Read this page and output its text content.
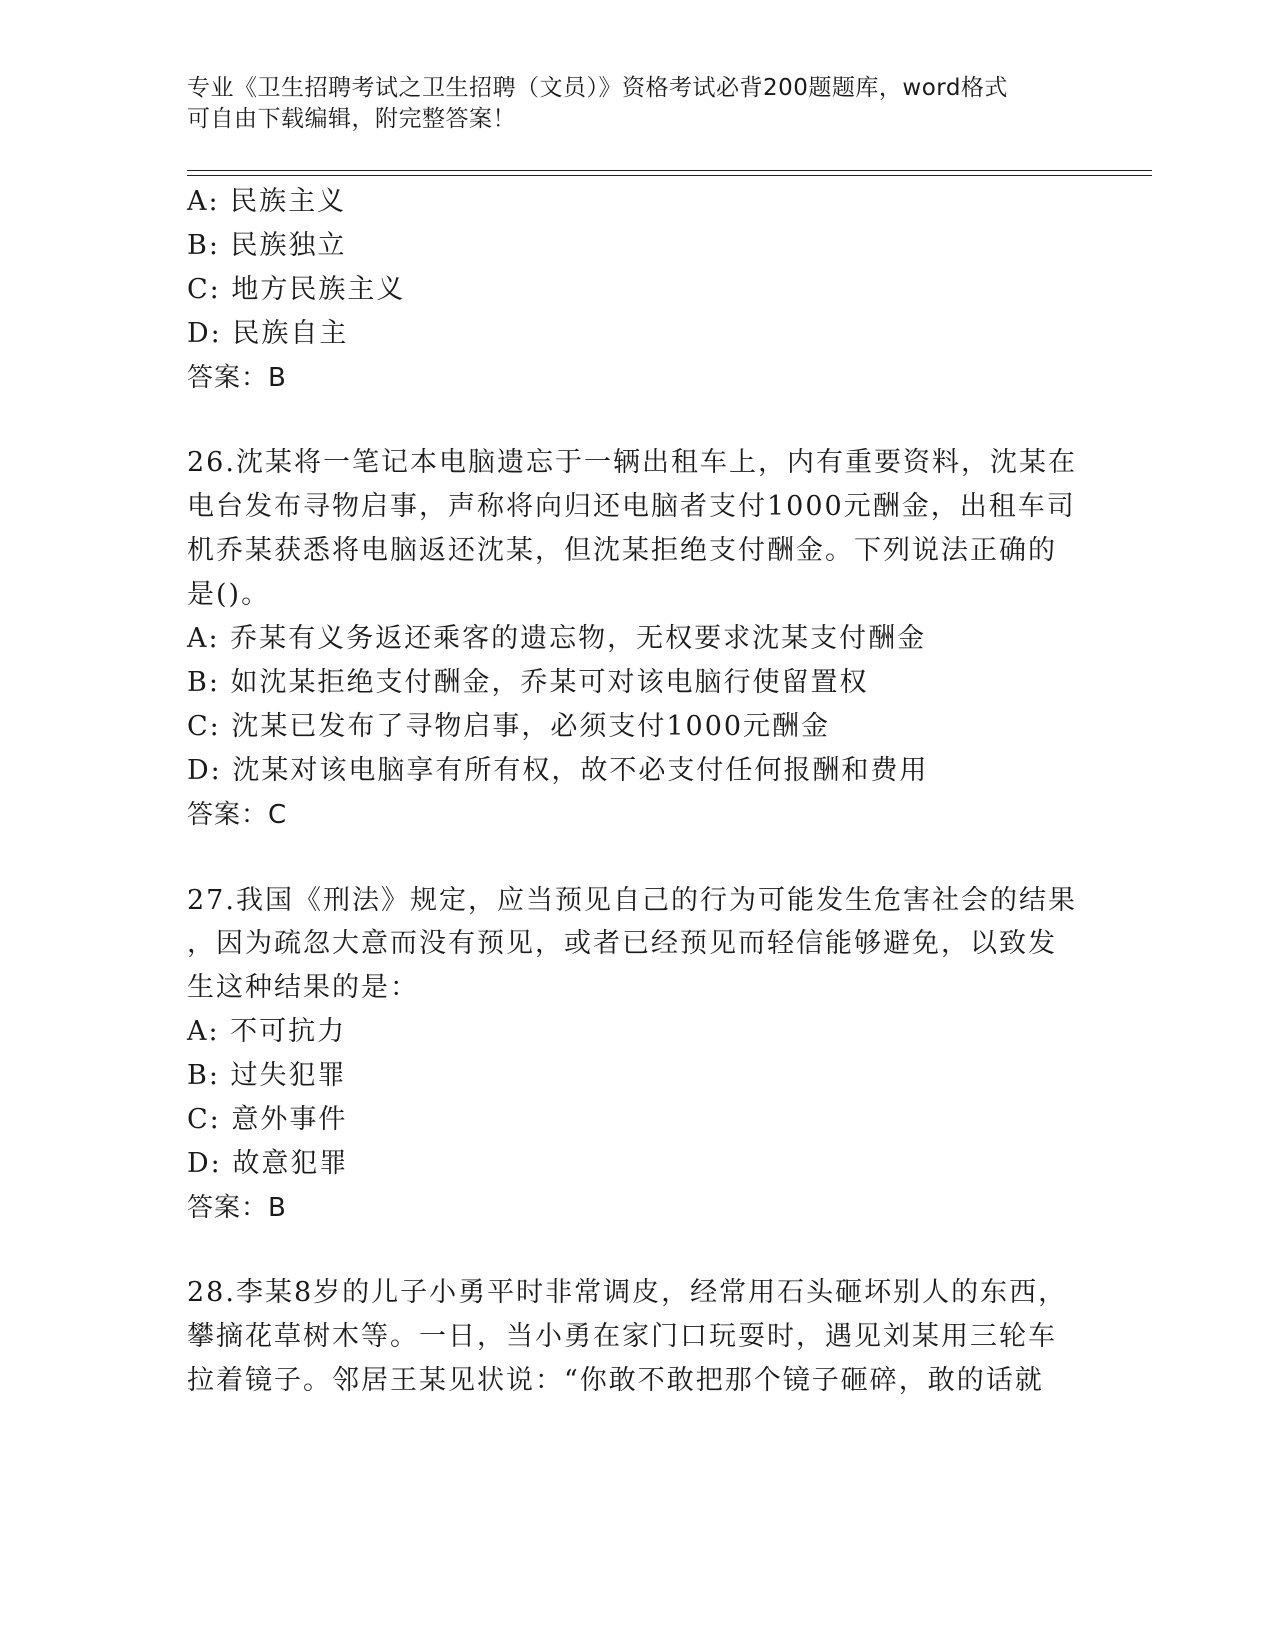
专业《卫生招聘考试之卫生招聘（文员）》资格考试必背200题题库，word格式
可自由下载编辑，附完整答案！
A: 民族主义
B: 民族独立
C: 地方民族主义
D: 民族自主
答案：B
26.沈某将一笔记本电脑遗忘于一辆出租车上，内有重要资料，沈某在
电台发布寻物启事，声称将向归还电脑者支付1000元酬金，出租车司
机乔某获悉将电脑返还沈某，但沈某拒绝支付酬金。下列说法正确的
是()。
A: 乔某有义务返还乘客的遗忘物，无权要求沈某支付酬金
B: 如沈某拒绝支付酬金，乔某可对该电脑行使留置权
C: 沈某已发布了寻物启事，必须支付1000元酬金
D: 沈某对该电脑享有所有权，故不必支付任何报酬和费用
答案：C
27.我国《刑法》规定，应当预见自己的行为可能发生危害社会的结果
，因为疏忽大意而没有预见，或者已经预见而轻信能够避免，以致发
生这种结果的是：
A: 不可抗力
B: 过失犯罪
C: 意外事件
D: 故意犯罪
答案：B
28.李某8岁的儿子小勇平时非常调皮，经常用石头砸坏别人的东西，
攀摘花草树木等。一日，当小勇在家门口玩耍时，遇见刘某用三轮车
拉着镜子。邻居王某见状说：“你敢不敢把那个镜子砸碎，敢的话就
